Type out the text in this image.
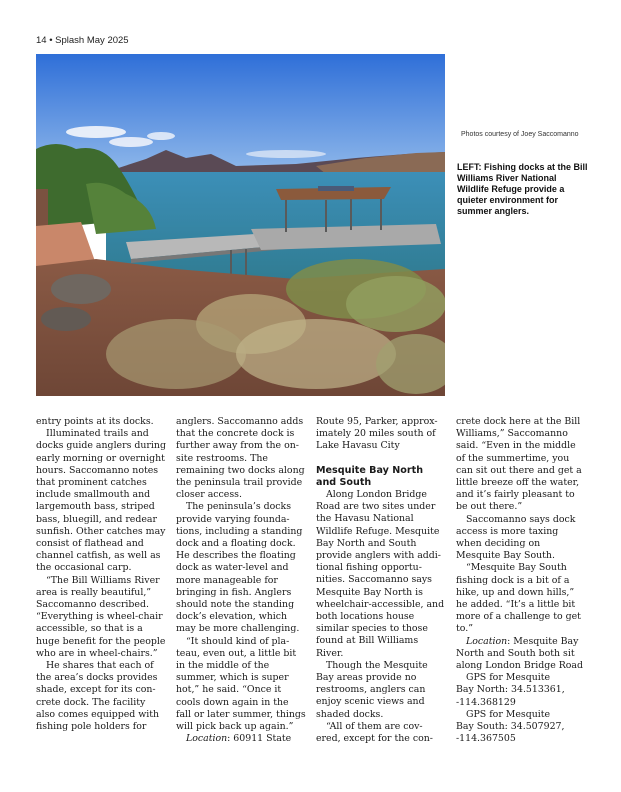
14 • Splash May 2025
Photos courtesy of Joey Saccomanno
LEFT: Fishing docks at the Bill Williams River National Wildlife Refuge provide a quieter environment for summer anglers.

entry points at its docks.

Illuminated trails and docks guide anglers during early morning or overnight hours. Saccomanno notes that prominent catches include smallmouth and largemouth bass, striped bass, bluegill, and redear sunfish. Other catches may consist of flathead and channel catfish, as well as the occasional carp.

“The Bill Williams River area is really beautiful,” Saccomanno described. “Everything is wheel-chair accessible, so that is a huge benefit for the people who are in wheel-chairs.”

He shares that each of the area’s docks provides shade, except for its con-crete dock. The facility also comes equipped with fishing pole holders for

anglers. Saccomanno adds that the concrete dock is further away from the on-site restrooms. The remaining two docks along the peninsula trail provide closer access.

The peninsula’s docks provide varying founda-tions, including a standing dock and a floating dock. He describes the floating dock as water-level and more manageable for bringing in fish. Anglers should note the standing dock’s elevation, which may be more challenging.

“It should kind of pla-teau, even out, a little bit in the middle of the summer, which is super hot,” he said. “Once it cools down again in the fall or later summer, things will pick back up again.”

Location: 60911 State

Route 95, Parker, approx-imately 20 miles south of Lake Havasu City

Mesquite Bay North and South

Along London Bridge Road are two sites under the Havasu National Wildlife Refuge. Mesquite Bay North and South provide anglers with addi-tional fishing opportu-nities. Saccomanno says Mesquite Bay North is wheelchair-accessible, and both locations house similar species to those found at Bill Williams River.

Though the Mesquite Bay areas provide no restrooms, anglers can enjoy scenic views and shaded docks.

“All of them are cov-ered, except for the con-

crete dock here at the Bill Williams,” Saccomanno said. “Even in the middle of the summertime, you can sit out there and get a little breeze off the water, and it’s fairly pleasant to be out there.”

Saccomanno says dock access is more taxing when deciding on Mesquite Bay South.

“Mesquite Bay South fishing dock is a bit of a hike, up and down hills,” he added. “It’s a little bit more of a challenge to get to.”

Location: Mesquite Bay North and South both sit along London Bridge Road

GPS for Mesquite

Bay North: 34.513361, -114.368129

GPS for Mesquite

Bay South: 34.507927, -114.367505
